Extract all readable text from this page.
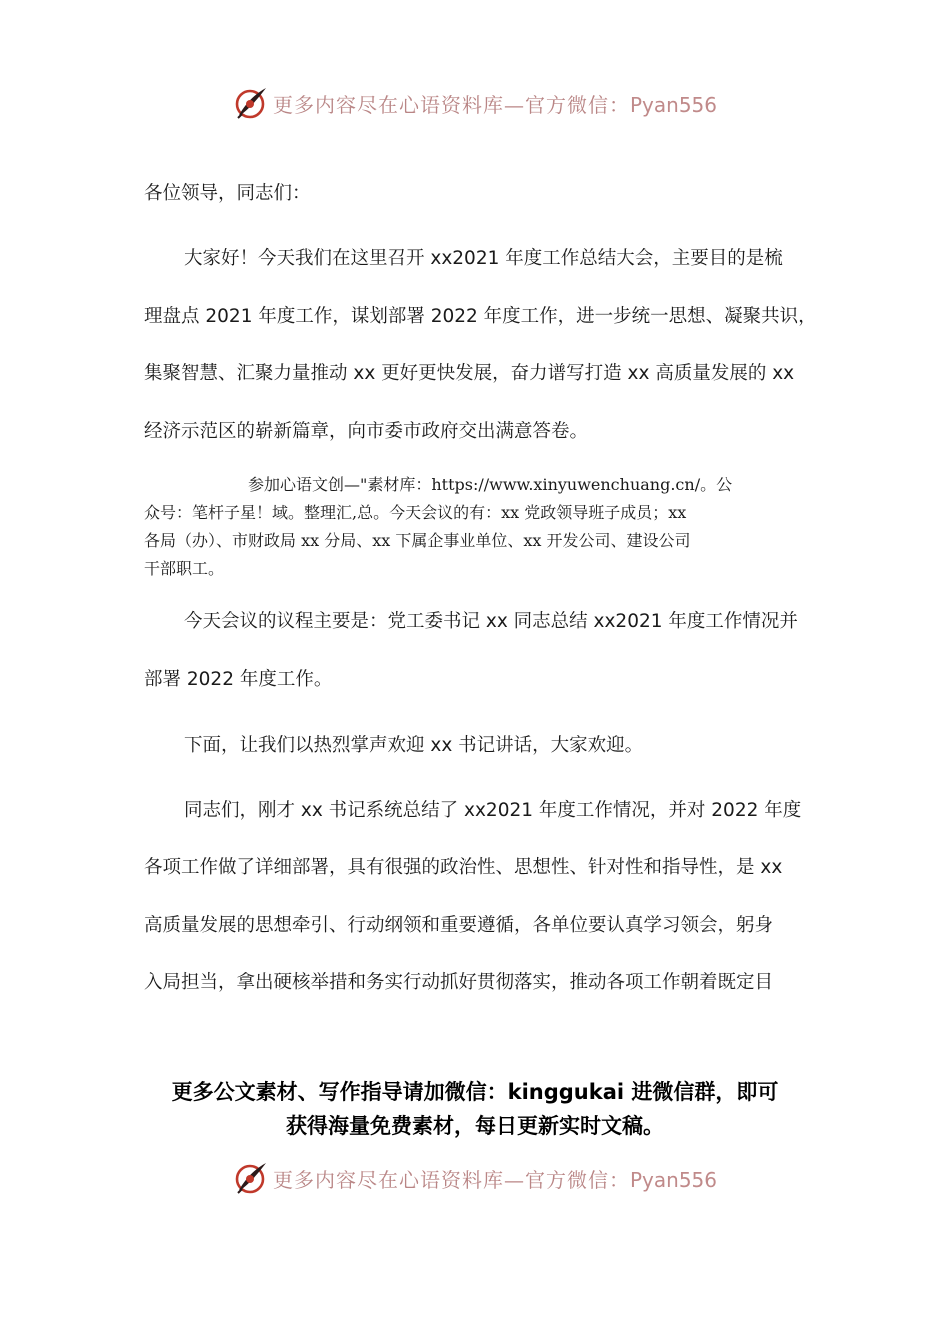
更多内容尽在心语资料库—官方微信：Pyan556
各位领导，同志们：
大家好！今天我们在这里召开 xx2021 年度工作总结大会，主要目的是梳
理盘点 2021 年度工作，谋划部署 2022 年度工作，进一步统一思想、凝聚共识，
集聚智慧、汇聚力量推动 xx 更好更快发展，奋力谱写打造 xx 高质量发展的 xx
经济示范区的崭新篇章，向市委市政府交出满意答卷。
参加心语文创—"素材库：https://www.xinyuwenchuang.cn/。公
众号：笔杆子星！域。整理汇,总。今天会议的有：xx 党政领导班子成员；xx
各局（办）、市财政局 xx 分局、xx 下属企事业单位、xx 开发公司、建设公司
干部职工。
今天会议的议程主要是：党工委书记 xx 同志总结 xx2021 年度工作情况并
部署 2022 年度工作。
下面，让我们以热烈掌声欢迎 xx 书记讲话，大家欢迎。
同志们，刚才 xx 书记系统总结了 xx2021 年度工作情况，并对 2022 年度
各项工作做了详细部署，具有很强的政治性、思想性、针对性和指导性，是 xx
高质量发展的思想牵引、行动纲领和重要遵循，各单位要认真学习领会，躬身
入局担当，拿出硬核举措和务实行动抓好贯彻落实，推动各项工作朝着既定目
更多公文素材、写作指导请加微信：kinggukai 进微信群，即可
获得海量免费素材，每日更新实时文稿。
更多内容尽在心语资料库—官方微信：Pyan556
